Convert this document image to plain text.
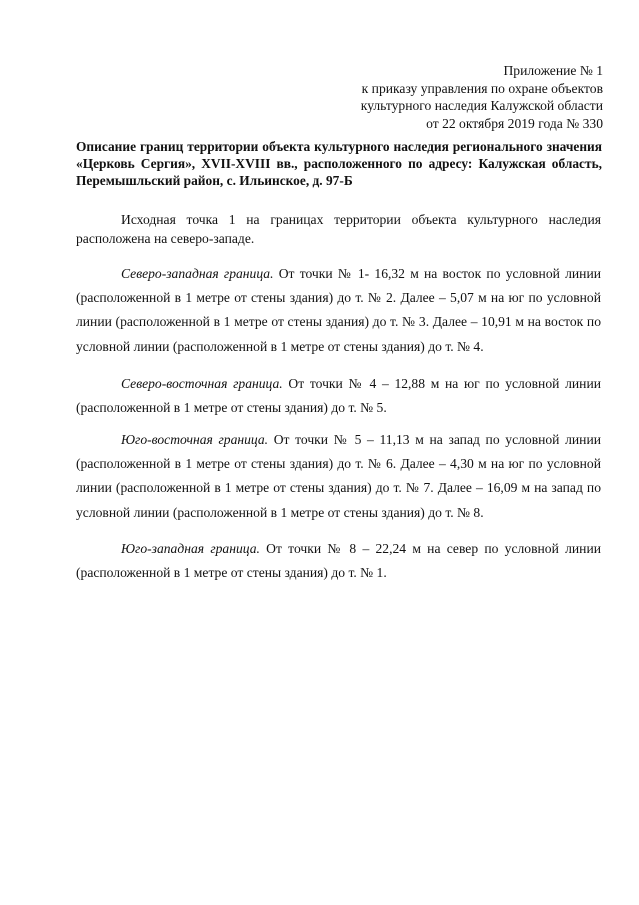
Приложение № 1
к приказу управления по охране объектов
культурного наследия Калужской области
от 22 октября 2019 года № 330
Описание границ территории объекта культурного наследия регионального значения «Церковь Сергия», XVII-XVIII вв., расположенного по адресу: Калужская область, Перемышльский район, с. Ильинское, д. 97-Б
Исходная точка 1 на границах территории объекта культурного наследия расположена на северо-западе.
Северо-западная граница. От точки № 1- 16,32 м на восток по условной линии (расположенной в 1 метре от стены здания) до т. № 2. Далее – 5,07 м на юг по условной линии (расположенной в 1 метре от стены здания) до т. № 3. Далее – 10,91 м на восток по условной линии (расположенной в 1 метре от стены здания) до т. № 4.
Северо-восточная граница. От точки № 4 – 12,88 м на юг по условной линии (расположенной в 1 метре от стены здания) до т. № 5.
Юго-восточная граница. От точки № 5 – 11,13 м на запад по условной линии (расположенной в 1 метре от стены здания) до т. № 6. Далее – 4,30 м на юг по условной линии (расположенной в 1 метре от стены здания) до т. № 7. Далее – 16,09 м на запад по условной линии (расположенной в 1 метре от стены здания) до т. № 8.
Юго-западная граница. От точки № 8 – 22,24 м на север по условной линии (расположенной в 1 метре от стены здания) до т. № 1.
